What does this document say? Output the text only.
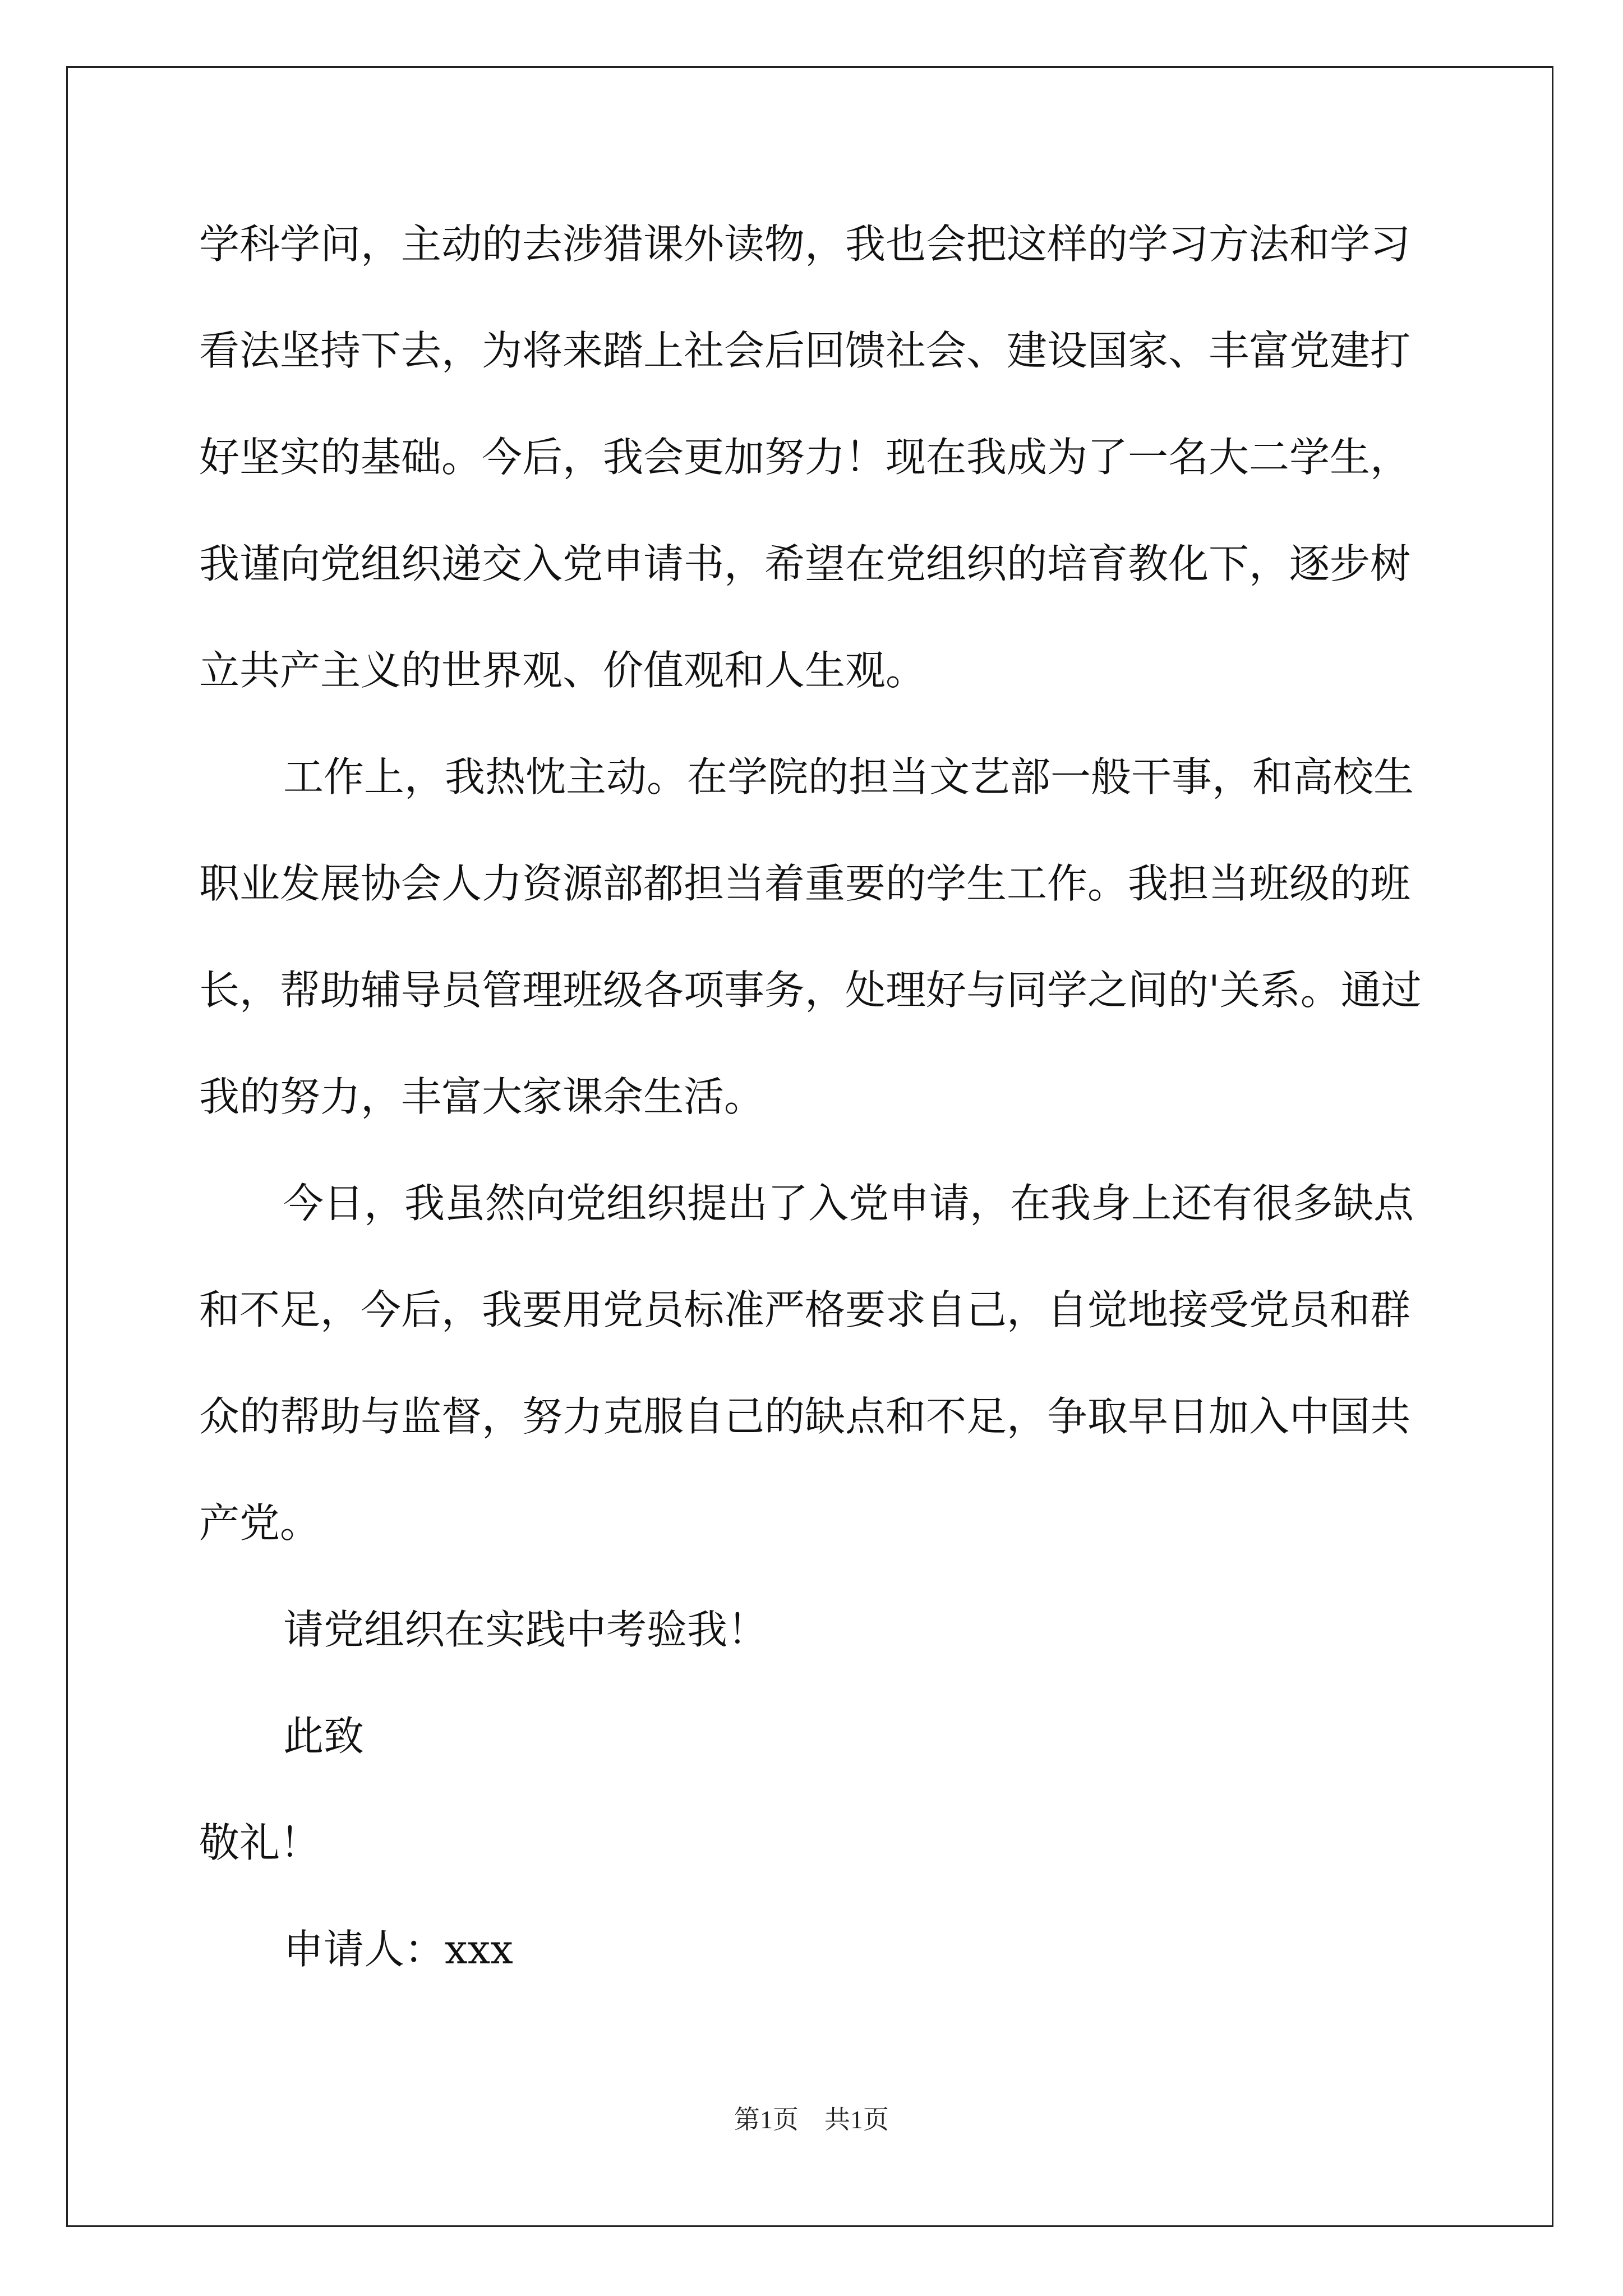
学科学问，主动的去涉猎课外读物，我也会把这样的学习方法和学习
看法坚持下去，为将来踏上社会后回馈社会、建设国家、丰富党建打
好坚实的基础。今后，我会更加努力！现在我成为了一名大二学生，
我谨向党组织递交入党申请书，希望在党组织的培育教化下，逐步树
立共产主义的世界观、价值观和人生观。
工作上，我热忱主动。在学院的担当文艺部一般干事，和高校生
职业发展协会人力资源部都担当着重要的学生工作。我担当班级的班
长，帮助辅导员管理班级各项事务，处理好与同学之间的'关系。通过
我的努力，丰富大家课余生活。
今日，我虽然向党组织提出了入党申请，在我身上还有很多缺点
和不足，今后，我要用党员标准严格要求自己，自觉地接受党员和群
众的帮助与监督，努力克服自己的缺点和不足，争取早日加入中国共
产党。
请党组织在实践中考验我！
此致
敬礼！
申请人：xxx
第1页　共1页
